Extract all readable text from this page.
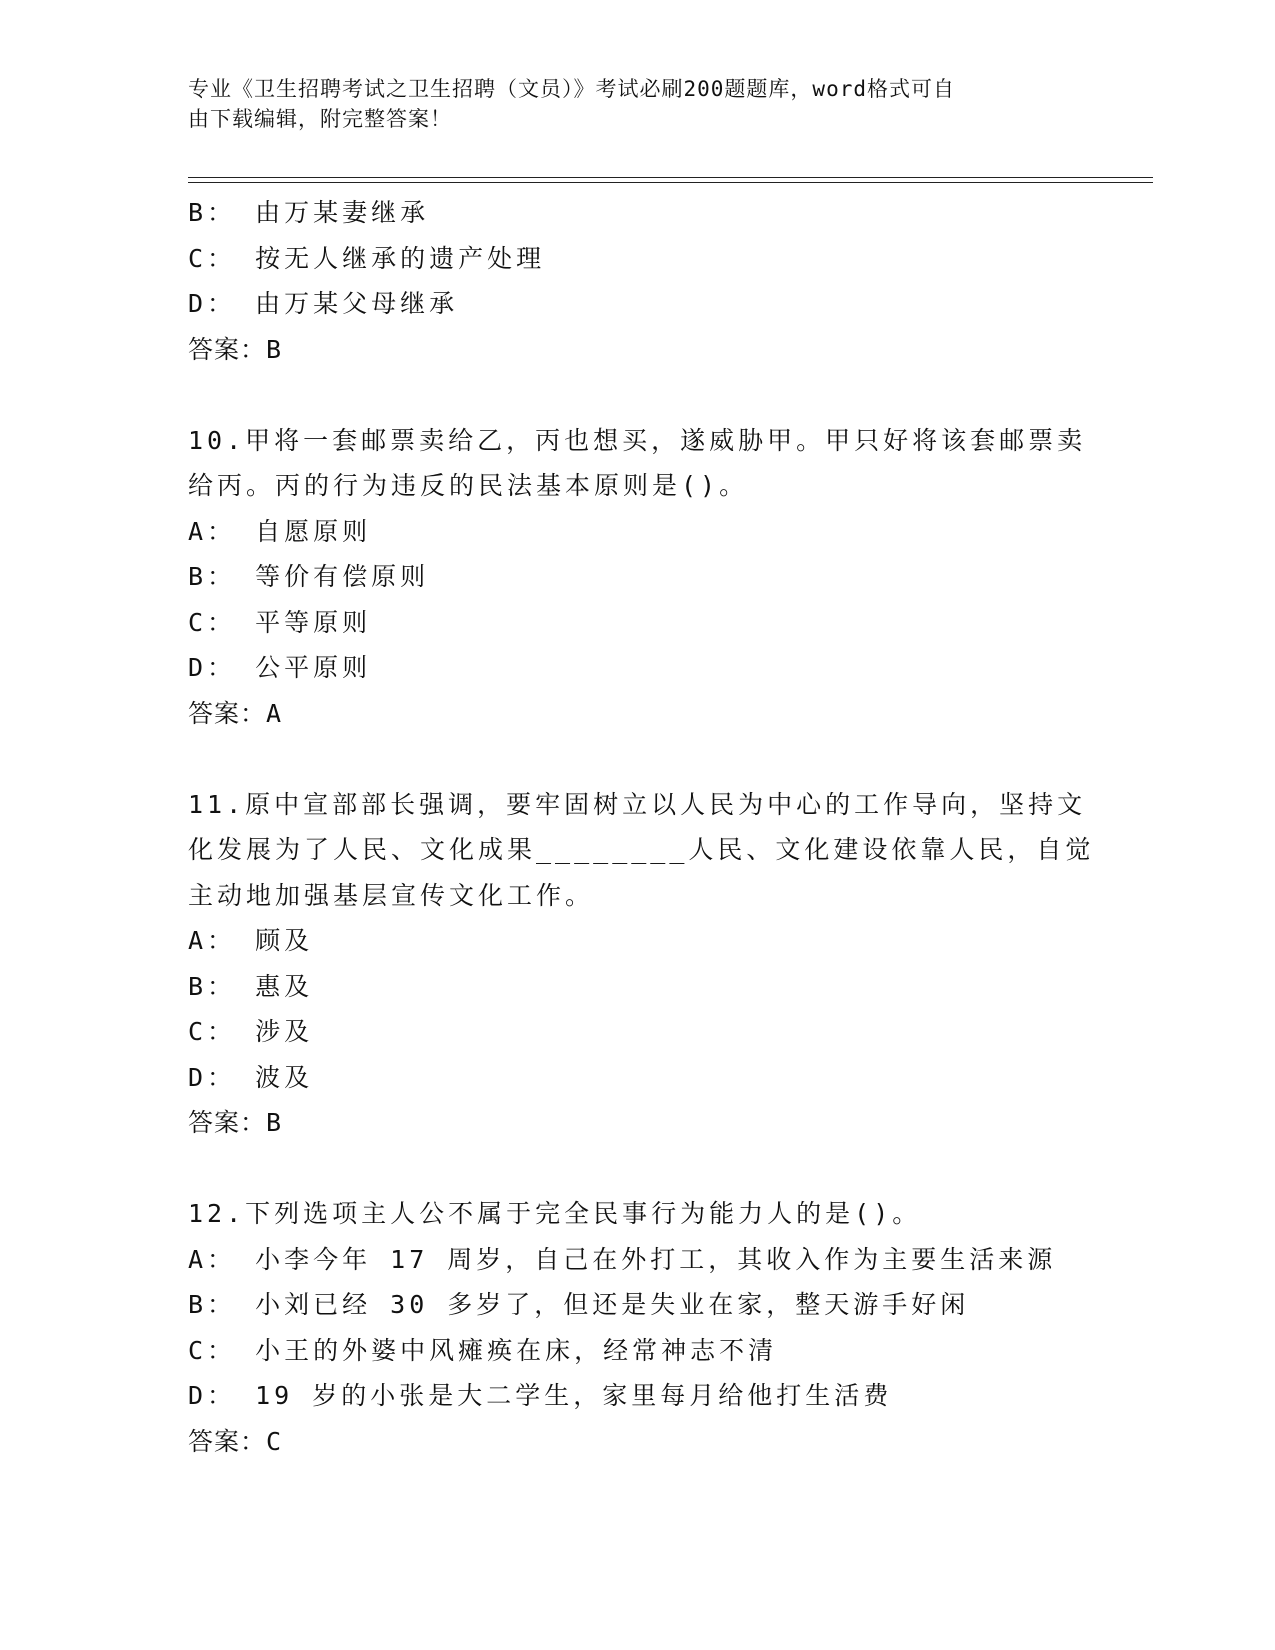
专业《卫生招聘考试之卫生招聘（文员）》考试必刷200题题库，word格式可自

由下载编辑，附完整答案！

B： 由万某妻继承
C： 按无人继承的遗产处理
D： 由万某父母继承
答案：B
10.甲将一套邮票卖给乙，丙也想买，遂威胁甲。甲只好将该套邮票卖
给丙。丙的行为违反的民法基本原则是()。
A： 自愿原则
B： 等价有偿原则
C： 平等原则
D： 公平原则
答案：A
11.原中宣部部长强调，要牢固树立以人民为中心的工作导向，坚持文
化发展为了人民、文化成果________人民、文化建设依靠人民，自觉
主动地加强基层宣传文化工作。
A： 顾及
B： 惠及
C： 涉及
D： 波及
答案：B
12.下列选项主人公不属于完全民事行为能力人的是()。
A： 小李今年 17 周岁，自己在外打工，其收入作为主要生活来源
B： 小刘已经 30 多岁了，但还是失业在家，整天游手好闲
C： 小王的外婆中风瘫痪在床，经常神志不清
D： 19 岁的小张是大二学生，家里每月给他打生活费
答案：C
